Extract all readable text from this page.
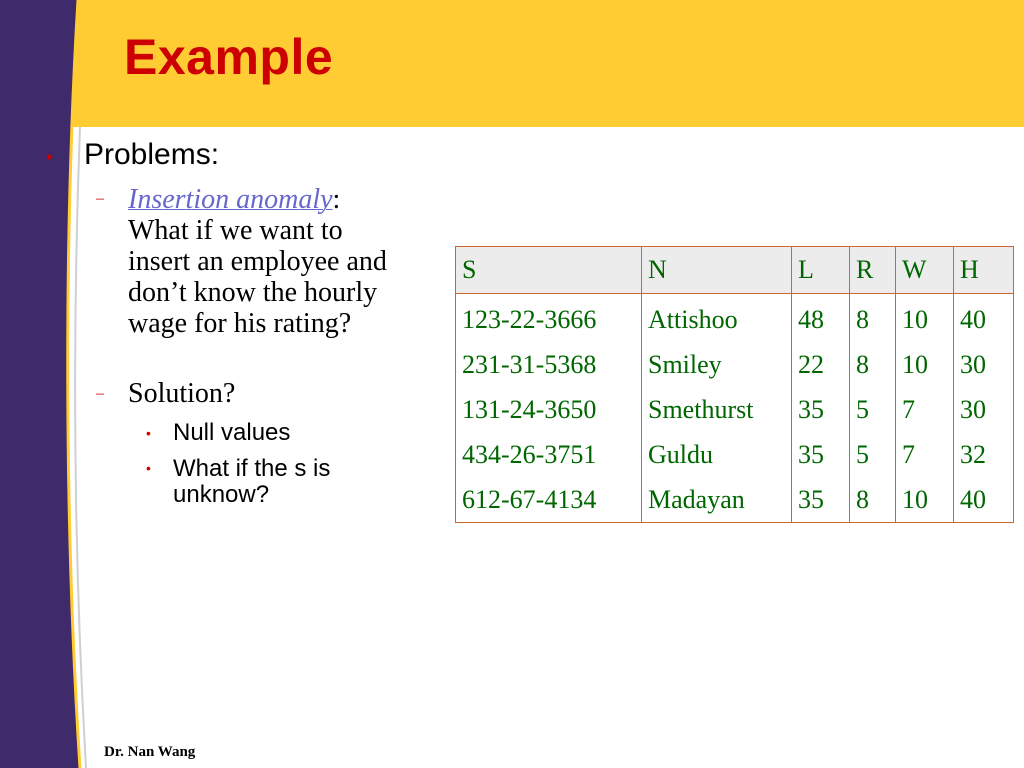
Example
• Problems:
– Insertion anomaly:
What if we want to insert an employee and don’t know the hourly wage for his rating?
– Solution?
• Null values
• What if the s is unknow?
S	N	L	R	W	H
123-22-3666	Attishoo	48	8	10	40
231-31-5368	Smiley	22	8	10	30
131-24-3650	Smethurst	35	5	7	30
434-26-3751	Guldu	35	5	7	32
612-67-4134	Madayan	35	8	10	40
Dr. Nan Wang
